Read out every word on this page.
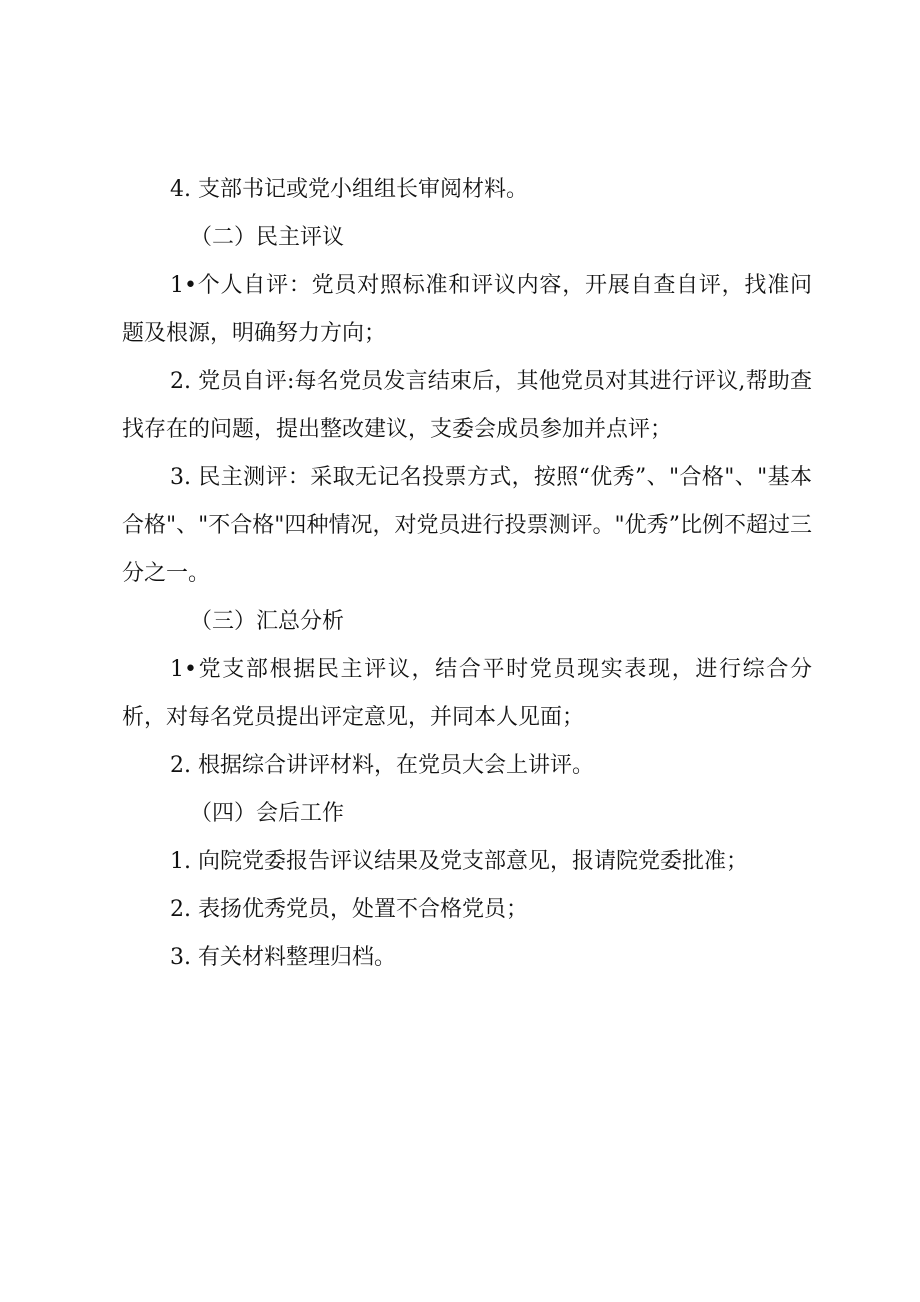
4. 支部书记或党小组组长审阅材料。

（二）民主评议

1•个人自评：党员对照标准和评议内容，开展自查自评，找准问题及根源，明确努力方向；

2. 党员自评:每名党员发言结束后，其他党员对其进行评议,帮助查找存在的问题，提出整改建议，支委会成员参加并点评；

3. 民主测评：采取无记名投票方式，按照“优秀”、"合格"、"基本合格"、"不合格"四种情况，对党员进行投票测评。"优秀”比例不超过三分之一。

（三）汇总分析

1•党支部根据民主评议，结合平时党员现实表现，进行综合分析，对每名党员提出评定意见，并同本人见面；

2. 根据综合讲评材料，在党员大会上讲评。

（四）会后工作

1. 向院党委报告评议结果及党支部意见，报请院党委批准；

2. 表扬优秀党员，处置不合格党员；

3. 有关材料整理归档。
